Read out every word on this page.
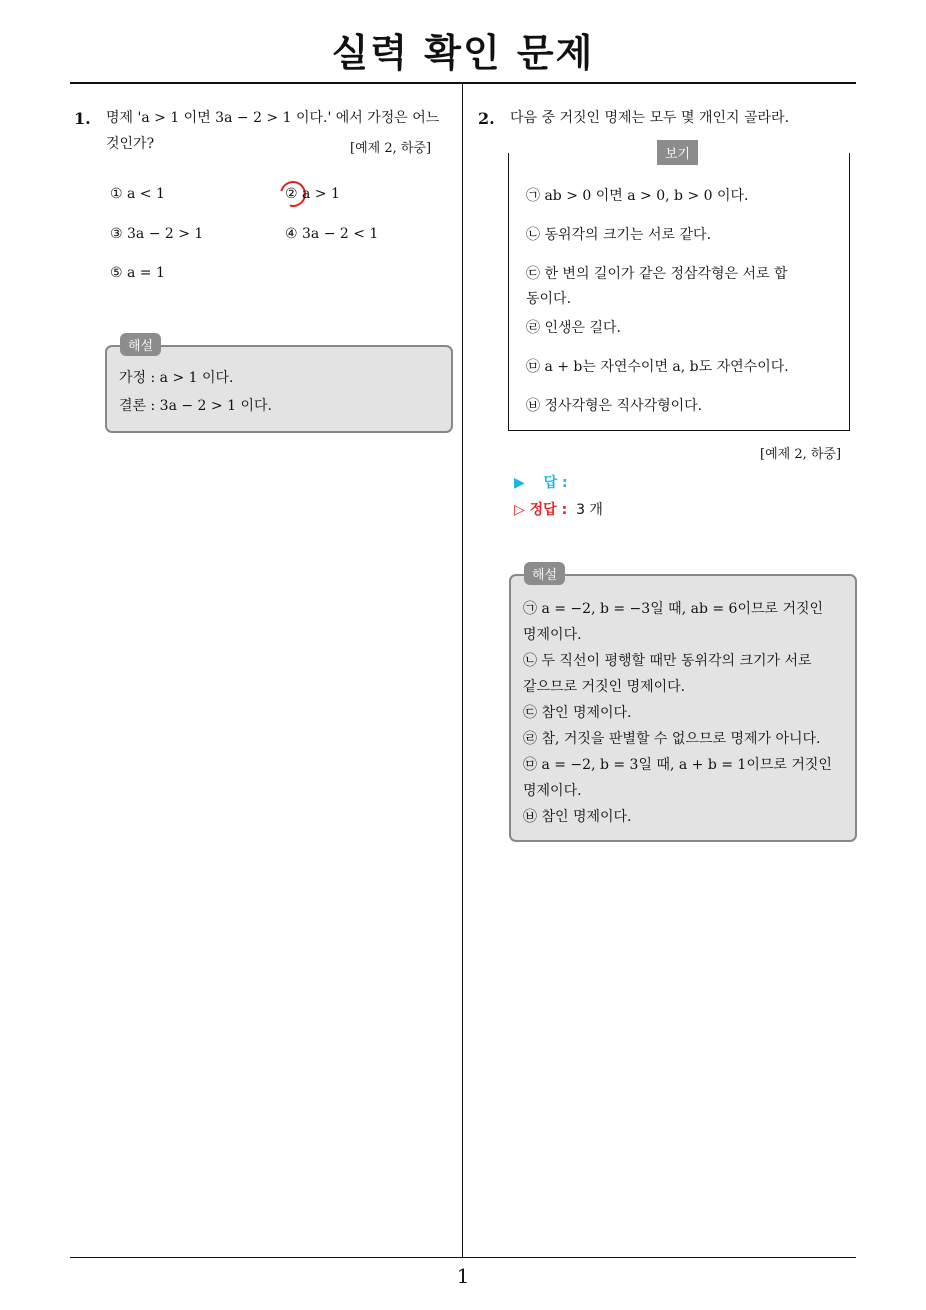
실력 확인 문제
1. 명제 'a > 1 이면 3a − 2 > 1 이다.' 에서 가정은 어느
것인가?	[예제 2, 하중]
① a < 1	② a > 1
③ 3a − 2 > 1	④ 3a − 2 < 1
⑤ a = 1
가정 : a > 1 이다.
결론 : 3a − 2 > 1 이다.
해설
2. 다음 중 거짓인 명제는 모두 몇 개인지 골라라.
보기
㉠ ab > 0 이면 a > 0, b > 0 이다.
㉡ 동위각의 크기는 서로 같다.
㉢ 한 변의 길이가 같은 정삼각형은 서로 합
동이다.
㉣ 인생은 길다.
㉤ a + b는 자연수이면 a, b도 자연수이다.
㉥ 정사각형은 직사각형이다.
[예제 2, 하중]
▶ 답 :
▷ 정답 : 3 개
㉠ a = −2, b = −3일 때, ab = 6이므로 거짓인
명제이다.
㉡ 두 직선이 평행할 때만 동위각의 크기가 서로
같으므로 거짓인 명제이다.
㉢ 참인 명제이다.
㉣ 참, 거짓을 판별할 수 없으므로 명제가 아니다.
㉤ a = −2, b = 3일 때, a + b = 1이므로 거짓인
명제이다.
㉥ 참인 명제이다.
해설
1
